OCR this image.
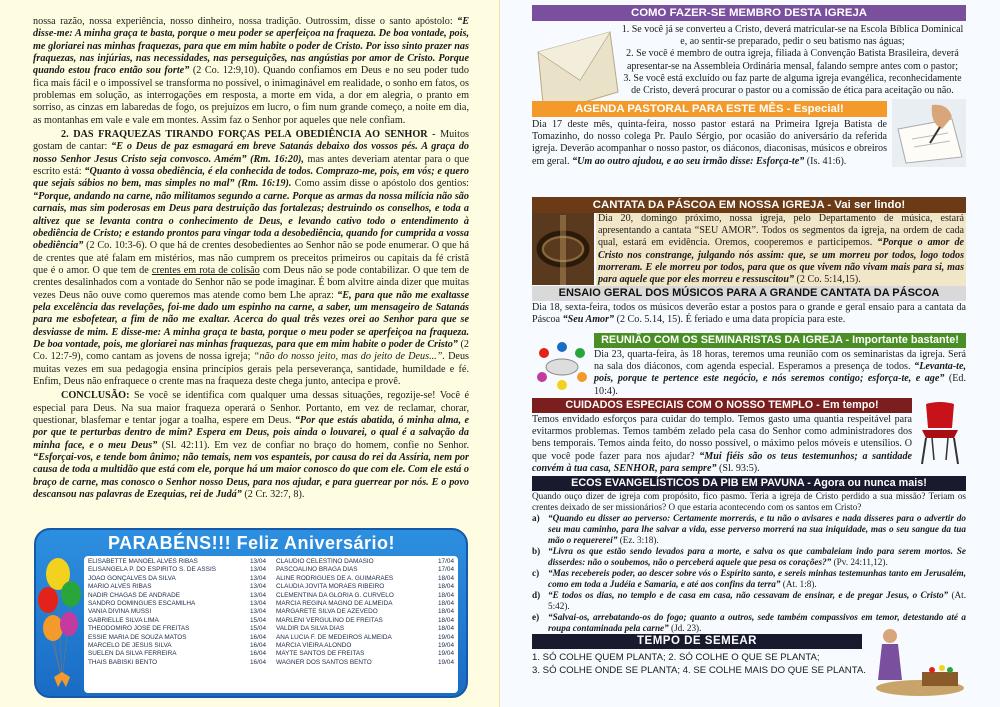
nossa razão, nossa experiência, nosso dinheiro, nossa tradição. Outrossim, disse o santo apóstolo: “E disse-me: A minha graça te basta, porque o meu poder se aperfeiçoa na fraqueza. De boa vontade, pois, me gloriarei nas minhas fraquezas, para que em mim habite o poder de Cristo. Por isso sinto prazer nas fraquezas, nas injúrias, nas necessidades, nas perseguições, nas angústias por amor de Cristo. Porque quando estou fraco então sou forte” (2 Co. 12:9,10). Quando confiamos em Deus e no seu poder tudo fica mais fácil e o impossível se transforma no possível, o inimaginável em realidade, o sonho em fatos, os problemas em solução, as interrogações em resposta, a morte em vida, a dor em alegria, o pranto em sorriso, as cinzas em labaredas de fogo, os prejuízos em lucro, o fim num grande começo, a noite em dia, as montanhas em vale e vale em montes. Assim faz o Senhor por aqueles que nele confiam.

2. DAS FRAQUEZAS TIRANDO FORÇAS PELA OBEDIÊNCIA AO SENHOR - Muitos gostam de cantar: “E o Deus de paz esmagará em breve Satanás debaixo dos vossos pés. A graça do nosso Senhor Jesus Cristo seja convosco. Amém” (Rm. 16:20), mas antes deveriam atentar para o que escrito está: “Quanto à vossa obediência, é ela conhecida de todos. Comprazo-me, pois, em vós; e quero que sejais sábios no bem, mas simples no mal” (Rm. 16:19). Como assim disse o apóstolo dos gentios: “Porque, andando na carne, não militamos segundo a carne. Porque as armas da nossa milícia não são carnais, mas sim poderosas em Deus para destruição das fortalezas; destruindo os conselhos, e toda a altivez que se levanta contra o conhecimento de Deus, e levando cativo todo o entendimento à obediência de Cristo; e estando prontos para vingar toda a desobediência, quando for cumprida a vossa obediência” (2 Co. 10:3-6). O que há de crentes desobedientes ao Senhor não se pode enumerar. O que há de crentes que até falam em mistérios, mas não cumprem os preceitos primeiros ou capitais da fé cristã que é o amor. O que tem de crentes em rota de colisão com Deus não se pode contabilizar. O que tem de crentes desalinhados com a vontade do Senhor não se pode imaginar. É bom alvitre ainda dizer que muitas vezes Deus não ouve como queremos mas atende como bem Lhe apraz: “E, para que não me exaltasse pela excelência das revelações, foi-me dado um espinho na carne, a saber, um mensageiro de Satanás para me esbofetear, a fim de não me exaltar. Acerca do qual três vezes orei ao Senhor para que se desviasse de mim. E disse-me: A minha graça te basta, porque o meu poder se aperfeiçoa na fraqueza. De boa vontade, pois, me gloriarei nas minhas fraquezas, para que em mim habite o poder de Cristo” (2 Co. 12:7-9), como cantam as jovens de nossa igreja; “não do nosso jeito, mas do jeito de Deus...”. Deus muitas vezes em sua pedagogia ensina princípios gerais pela perseverança, santidade, humildade e fé. Enfim, Deus não enfraquece o crente mas na fraqueza deste chega junto, antecipa e provê.

CONCLUSÃO: Se você se identifica com qualquer uma dessas situações, regozije-se! Você é especial para Deus. Na sua maior fraqueza operará o Senhor. Portanto, em vez de reclamar, chorar, questionar, blasfemar e tentar jogar a toalha, espere em Deus. “Por que estás abatida, ó minha alma, e por que te perturbas dentro de mim? Espera em Deus, pois ainda o louvarei, o qual é a salvação da minha face, e o meu Deus” (Sl. 42:11). Em vez de confiar no braço do homem, confie no Senhor. “Esforçai-vos, e tende bom ânimo; não temais, nem vos espanteis, por causa do rei da Assíria, nem por causa de toda a multidão que está com ele, porque há um maior conosco do que com ele. Com ele está o braço de carne, mas conosco o Senhor nosso Deus, para nos ajudar, e para guerrear por nós. E o povo descansou nas palavras de Ezequias, rei de Judá” (2 Cr. 32:7, 8).

PARABÉNS!!! Feliz Aniversário!
ELISABETTE MANOEL ALVES RIBAS	13/04
ELISANGELA P. DO ESPIRITO S. DE ASSIS	13/04
JOÃO GONÇALVES DA SILVA	13/04
MARIO ALVES RIBAS	13/04
NADIR CHAGAS DE ANDRADE	13/04
SANDRO DOMINGUES ESCAMILHA	13/04
VANIA DIVINA MUSSI	13/04
GABRIELLE SILVA LIMA	15/04
THEODOMIRO JOSE DE FREITAS	15/04
ESSIE MARIA DE SOUZA MATOS	16/04
MARCELO DE JESUS SILVA	16/04
SUELEN DA SILVA FERREIRA	16/04
THAIS BABISKI BENTO	16/04
CLAUDIO CELESTINO DAMASIO	17/04
PASCOALINO BRAGA DIAS	17/04
ALINE RODRIGUES DE A. GUIMARAES	18/04
CLAUDIA JOVITA MORAES RIBEIRO	18/04
CLEMENTINA DA GLORIA G. CURVELO	18/04
MARCIA REGINA MAGNO DE ALMEIDA	18/04
MARGARETE SILVA DE AZEVEDO	18/04
MARLENI VERGULINO DE FREITAS	18/04
VALDIR DA SILVA DIAS	18/04
ANA LUCIA F. DE MEDEIROS ALMEIDA	19/04
MARCIA VIEIRA ALONDO	19/04
MAYTE SANTOS DE FREITAS	19/04
WAGNER DOS SANTOS BENTO	19/04
COMO FAZER-SE MEMBRO DESTA IGREJA
1. Se você já se converteu a Cristo, deverá matricular-se na Escola Bíblica Dominical e, ao sentir-se preparado, pedir o seu batismo nas águas;
2. Se você é membro de outra igreja, filiada à Convenção Batista Brasileira, deverá apresentar-se na Assembleia Ordinária mensal, falando sempre antes com o pastor;
3. Se você está excluído ou faz parte de alguma igreja evangélica, reconhecidamente de Cristo, deverá procurar o pastor ou a comissão de ética para aceitação ou não.
AGENDA PASTORAL PARA ESTE MÊS - Especial!
Dia 17 deste mês, quinta-feira, nosso pastor estará na Primeira Igreja Batista de Tomazinho, do nosso colega Pr. Paulo Sérgio, por ocasião do aniversário da referida igreja. Deveräo acompanhar o nosso pastor, os diáconos, diaconisas, músicos e obreiros em geral. “Um ao outro ajudou, e ao seu irmão disse: Esforça-te” (Is. 41:6).
CANTATA DA PÁSCOA EM NOSSA IGREJA - Vai ser lindo!
Dia 20, domingo próximo, nossa igreja, pelo Departamento de música, estará apresentando a cantata “SEU AMOR”. Todos os segmentos da igreja, na ordem de cada qual, estará em evidência. Oremos, cooperemos e participemos. “Porque o amor de Cristo nos constrange, julgando nós assim: que, se um morreu por todos, logo todos morreram. E ele morreu por todos, para que os que vivem não vivam mais para si, mas para aquele que por eles morreu e ressuscitou” (2 Co. 5:14,15).
ENSAIO GERAL DOS MÚSICOS PARA A GRANDE CANTATA DA PÁSCOA
Dia 18, sexta-feira, todos os músicos deverão estar a postos para o grande e geral ensaio para a cantata da Páscoa “Seu Amor” (2 Co. 5.14, 15). É feriado e uma data propícia para este.
REUNIÃO COM OS SEMINARISTAS DA IGREJA - Importante bastante!
Dia 23, quarta-feira, às 18 horas, teremos uma reunião com os seminaristas da igreja. Será na sala dos diáconos, com agenda especial. Esperamos a presença de todos. “Levanta-te, pois, porque te pertence este negócio, e nós seremos contigo; esforça-te, e age” (Ed. 10:4).
CUIDADOS ESPECIAIS COM O NOSSO TEMPLO - Em tempo!
Temos envidado esforços para cuidar do templo. Temos gasto uma quantia respeitável para evitarmos problemas. Temos também zelado pela casa do Senhor como administradores dos bens temporais. Temos ainda feito, do nosso possível, o máximo pelos móveis e utensílios. O que você pode fazer para nos ajudar? “Mui fiéis são os teus testemunhos; a santidade convém à tua casa, SENHOR, para sempre” (Sl. 93:5).
ECOS EVANGELÍSTICOS DA PIB EM PAVUNA - Agora ou nunca mais!
Quando ouço dizer de igreja com propósito, fico pasmo. Teria a igreja de Cristo perdido a sua missão? Teriam os crentes deixado de ser missionários? O que estaria acontecendo com os santos em Cristo?
a) “Quando eu disser ao perverso: Certamente morrerás, e tu não o avisares e nada disseres para o advertir do seu mau caminho, para lhe salvar a vida, esse perverso morrerá na sua iniquidade, mas o seu sangue da tua mão o requererei” (Ez. 3:18).
b) “Livra os que estão sendo levados para a morte, e salva os que cambaleiam indo para serem mortos. Se disserdes: não o soubemos, não o perceberá aquele que pesa os corações?” (Pv. 24:11,12).
c) “Mas recebereis poder, ao descer sobre vós o Espírito santo, e sereis minhas testemunhas tanto em Jerusalém, como em toda a Judéia e Samaria, e até aos confins da terra” (At. 1:8).
d) “E todos os dias, no templo e de casa em casa, não cessavam de ensinar, e de pregar Jesus, o Cristo” (At. 5:42).
e) “Salvai-os, arrebatando-os do fogo; quanto a outros, sede também compassivos em temor, detestando até a roupa contaminada pela carne” (Jd. 23).
TEMPO DE SEMEAR
1. SÓ COLHE QUEM PLANTA; 2. SÓ COLHE O QUE SE PLANTA;
3. SÓ COLHE ONDE SE PLANTA; 4. SE COLHE MAIS DO QUE SE PLANTA.
